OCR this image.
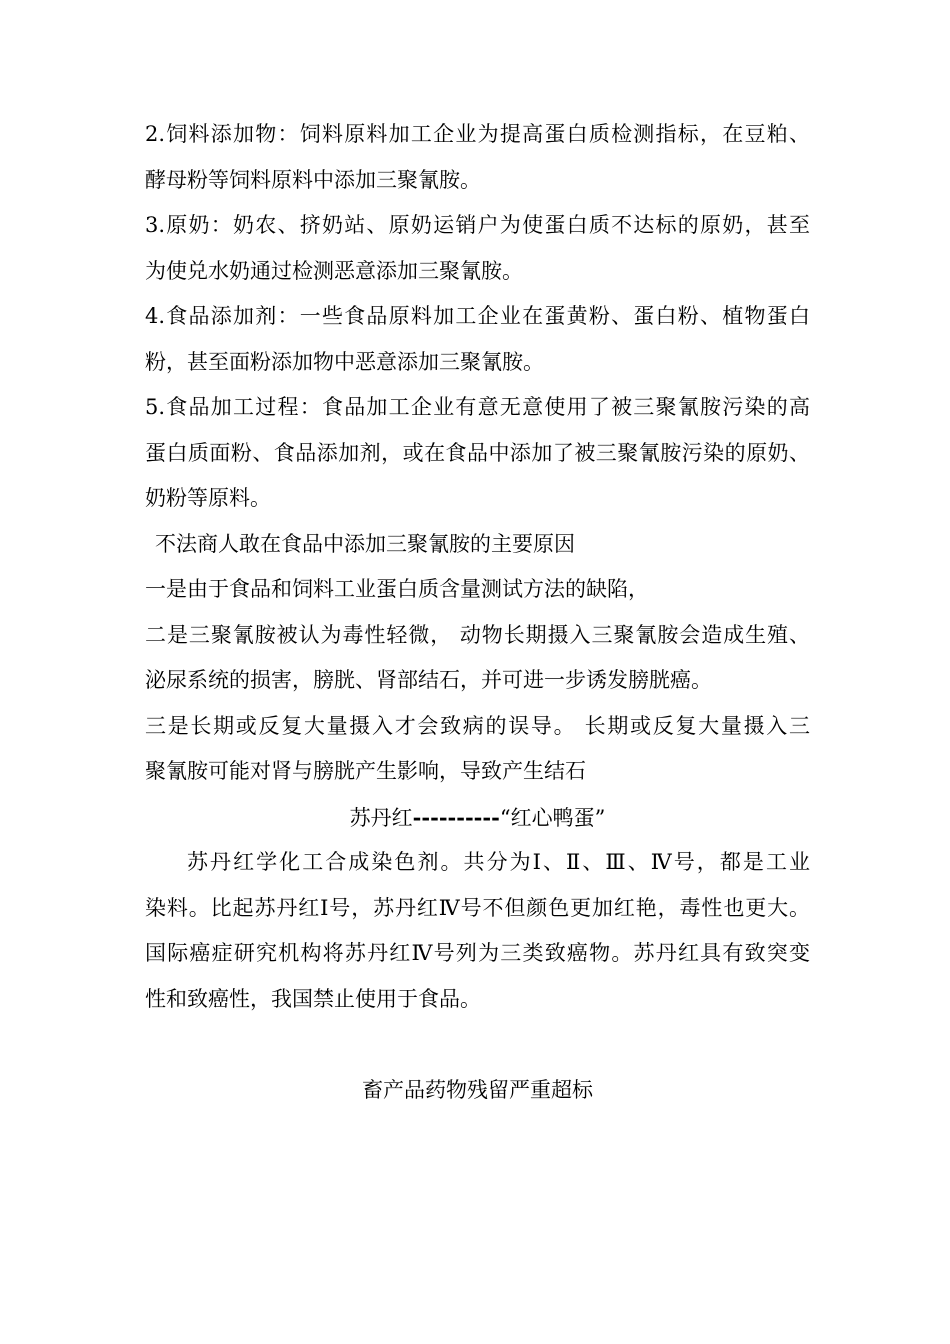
2.饲料添加物：饲料原料加工企业为提高蛋白质检测指标，在豆粕、
酵母粉等饲料原料中添加三聚氰胺。
3.原奶：奶农、挤奶站、原奶运销户为使蛋白质不达标的原奶，甚至
为使兑水奶通过检测恶意添加三聚氰胺。
4.食品添加剂：一些食品原料加工企业在蛋黄粉、蛋白粉、植物蛋白
粉，甚至面粉添加物中恶意添加三聚氰胺。
5.食品加工过程：食品加工企业有意无意使用了被三聚氰胺污染的高
蛋白质面粉、食品添加剂，或在食品中添加了被三聚氰胺污染的原奶、
奶粉等原料。
不法商人敢在食品中添加三聚氰胺的主要原因
一是由于食品和饲料工业蛋白质含量测试方法的缺陷，
二是三聚氰胺被认为毒性轻微， 动物长期摄入三聚氰胺会造成生殖、
泌尿系统的损害，膀胱、肾部结石，并可进一步诱发膀胱癌。
三是长期或反复大量摄入才会致病的误导。 长期或反复大量摄入三
聚氰胺可能对肾与膀胱产生影响，导致产生结石
苏丹红----------“红心鸭蛋”
苏丹红学化工合成染色剂。共分为Ⅰ、Ⅱ、Ⅲ、Ⅳ号，都是工业
染料。比起苏丹红Ⅰ号，苏丹红Ⅳ号不但颜色更加红艳，毒性也更大。
国际癌症研究机构将苏丹红Ⅳ号列为三类致癌物。苏丹红具有致突变
性和致癌性，我国禁止使用于食品。
畜产品药物残留严重超标
